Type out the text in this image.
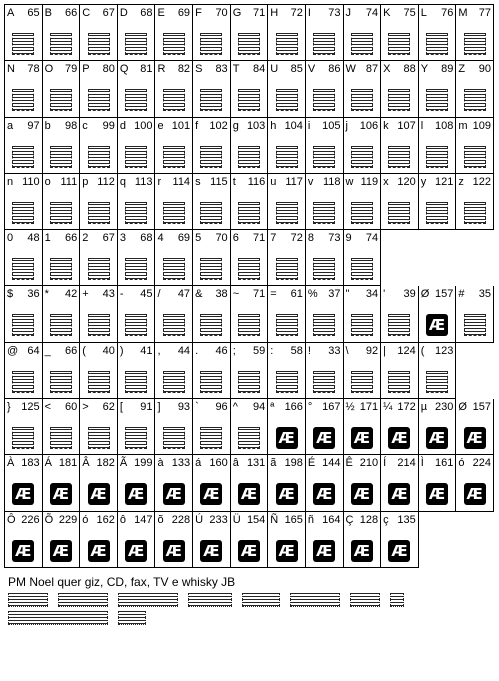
A 65 B 66 C 67 D 68 E 69 F 70 G 71 H 72 I 73 J 74 K 75 L 76 M 77
N 78 O 79 P 80 Q 81 R 82 S 83 T 84 U 85 V 86 W 87 X 88 Y 89 Z 90
a 97 b 98 c 99 d 100 e 101 f 102 g 103 h 104 i 105 j 106 k 107 l 108 m 109
n 110 o 111 p 112 q 113 r 114 s 115 t 116 u 117 v 118 w 119 x 120 y 121 z 122
0 48 1 66 2 67 3 68 4 69 5 70 6 71 7 72 8 73 9 74
$ 36 * 42 + 43 - 45 / 47 & 38 ~ 71 = 61 % 37 " 34 ' 39 Ø 157
Æ # 35
@ 64 _ 66 ( 40 ) 41 , 44 . 46 ; 59 : 58 ! 33 \ 92 | 124 ( 123
} 125 < 60 > 62 [ 91 ] 93 ` 96 ^ 94 ª 166
Æ ° 167
Æ ½ 171
Æ ¼ 172
Æ µ 230
Æ Ø 157
Æ
À 183
Æ Á 181
Æ Â 182
Æ Ã 199
Æ à 133
Æ á 160
Æ â 131
Æ ã 198
Æ É 144
Æ Ê 210
Æ Í 214
Æ Ì 161
Æ ó 224
Æ
Ô 226
Æ Õ 229
Æ ó 162
Æ ô 147
Æ õ 228
Æ Ú 233
Æ Ü 154
Æ Ñ 165
Æ ñ 164
Æ Ç 128
Æ ç 135
Æ
PM Noel quer giz, CD, fax, TV e whisky JB
